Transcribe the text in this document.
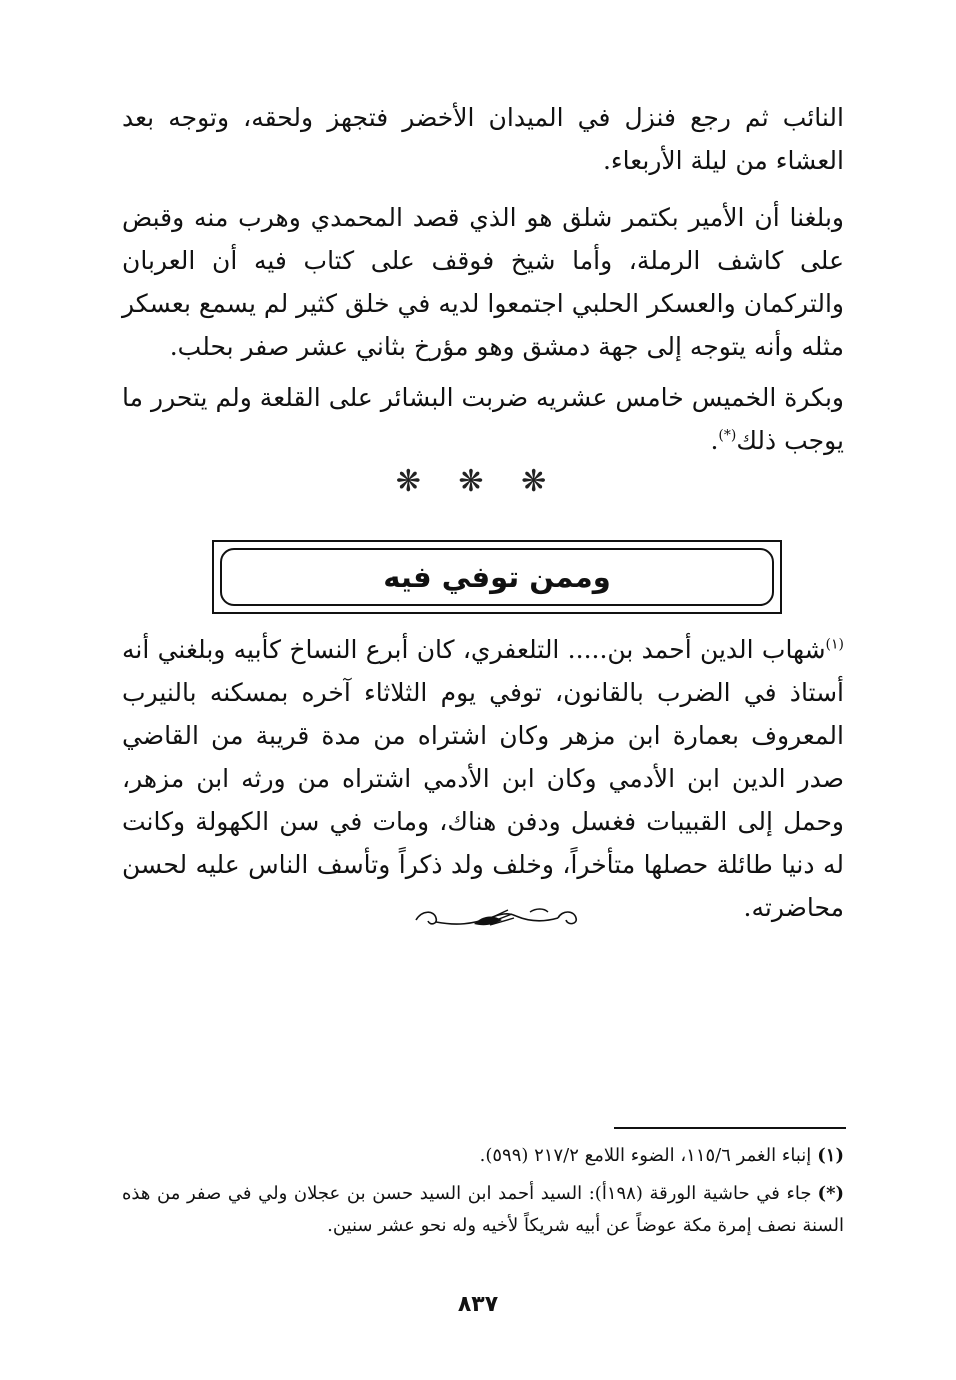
النائب ثم رجع فنزل في الميدان الأخضر فتجهز ولحقه، وتوجه بعد العشاء من ليلة الأربعاء.

وبلغنا أن الأمير بكتمر شلق هو الذي قصد المحمدي وهرب منه وقبض على كاشف الرملة، وأما شيخ فوقف على كتاب فيه أن العربان والتركمان والعسكر الحلبي اجتمعوا لديه في خلق كثير لم يسمع بعسكر مثله وأنه يتوجه إلى جهة دمشق وهو مؤرخ بثاني عشر صفر بحلب.

وبكرة الخميس خامس عشريه ضربت البشائر على القلعة ولم يتحرر ما يوجب ذلك(*).

❋ ❋ ❋
وممن توفي فيه

$^{(١)}$شهاب الدين أحمد بن..... التلعفري، كان أبرع النساخ كأبيه وبلغني أنه أستاذ في الضرب بالقانون، توفي يوم الثلاثاء آخره بمسكنه بالنيرب المعروف بعمارة ابن مزهر وكان اشتراه من مدة قريبة من القاضي صدر الدين ابن الأدمي وكان ابن الأدمي اشتراه من ورثه ابن مزهر، وحمل إلى القبيبات فغسل ودفن هناك، ومات في سن الكهولة وكانت له دنيا طائلة حصلها متأخراً، وخلف ولد ذكراً وتأسف الناس عليه لحسن محاضرته.

(١)إنباء الغمر ١١٥/٦، الضوء اللامع ٢١٧/٢ (٥٩٩).

(*)جاء في حاشية الورقة (١٩٨أ): السيد أحمد ابن السيد حسن بن عجلان ولي في صفر من هذه السنة نصف إمرة مكة عوضاً عن أبيه شريكاً لأخيه وله نحو عشر سنين.

٨٣٧
